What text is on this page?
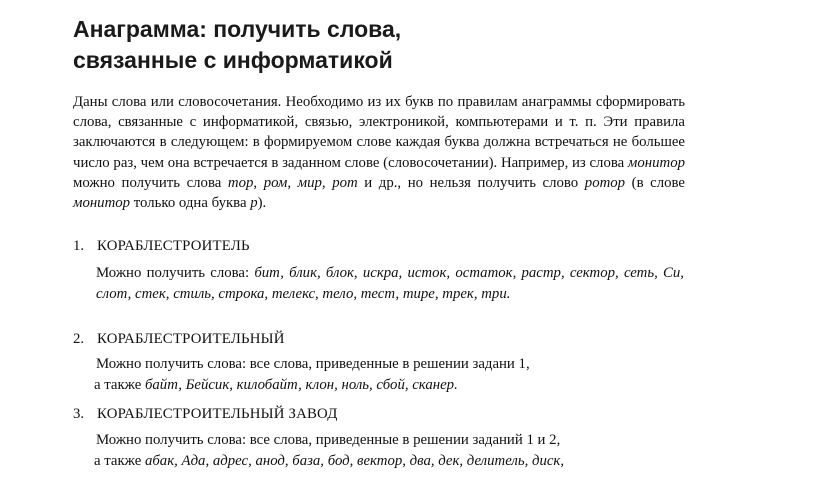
Анаграмма: получить слова,
связанные с информатикой

Даны слова или словосочетания. Необходимо из их букв по правилам анаграммы сформировать слова, связанные с информатикой, связью, электроникой, компьютерами и т. п. Эти правила заключаются в следующем: в формируемом слове каждая буква должна встречаться не большее число раз, чем она встречается в заданном слове (словосочетании). Например, из слова монитор можно получить слова тор, ром, мир, рот и др., но нельзя получить слово ротор (в слове монитор только одна буква р).

1. КОРАБЛЕСТРОИТЕЛЬ

Можно получить слова: бит, блик, блок, искра, исток, остаток, растр, сектор, сеть, Си, слот, стек, стиль, строка, телекс, тело, тест, тире, трек, три.

2. КОРАБЛЕСТРОИТЕЛЬНЫЙ

Можно получить слова: все слова, приведенные в решении задани 1,
а также байт, Бейсик, килобайт, клон, ноль, сбой, сканер.

3. КОРАБЛЕСТРОИТЕЛЬНЫЙ ЗАВОД

Можно получить слова: все слова, приведенные в решении заданий 1 и 2,
а также абак, Ада, адрес, анод, база, бод, вектор, два, дек, делитель, диск,
